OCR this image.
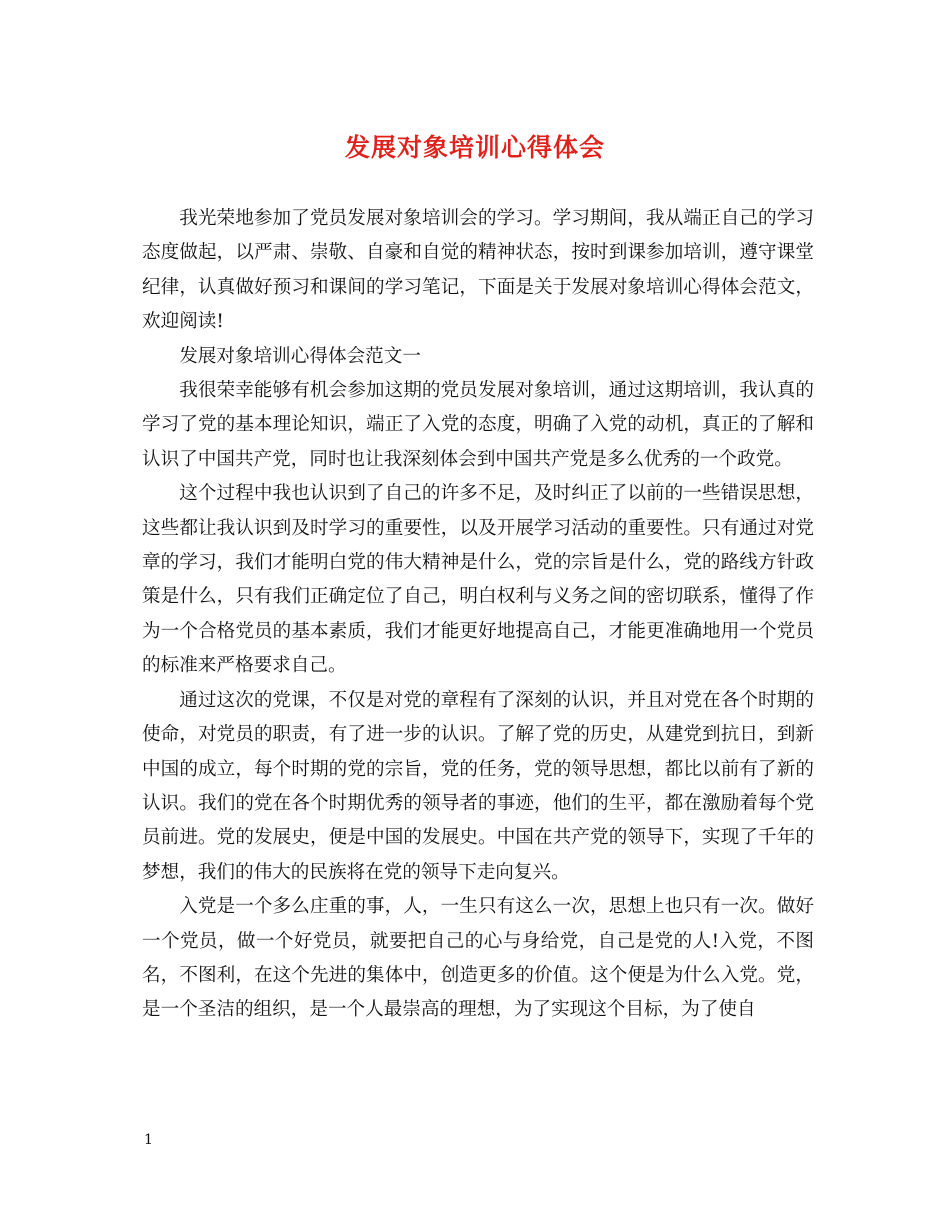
发展对象培训心得体会

我光荣地参加了党员发展对象培训会的学习。学习期间，我从端正自己的学习态度做起，以严肃、崇敬、自豪和自觉的精神状态，按时到课参加培训，遵守课堂纪律，认真做好预习和课间的学习笔记，下面是关于发展对象培训心得体会范文，欢迎阅读!

发展对象培训心得体会范文一

我很荣幸能够有机会参加这期的党员发展对象培训，通过这期培训，我认真的学习了党的基本理论知识，端正了入党的态度，明确了入党的动机，真正的了解和认识了中国共产党，同时也让我深刻体会到中国共产党是多么优秀的一个政党。

这个过程中我也认识到了自己的许多不足，及时纠正了以前的一些错误思想，这些都让我认识到及时学习的重要性，以及开展学习活动的重要性。只有通过对党章的学习，我们才能明白党的伟大精神是什么，党的宗旨是什么，党的路线方针政策是什么，只有我们正确定位了自己，明白权利与义务之间的密切联系，懂得了作为一个合格党员的基本素质，我们才能更好地提高自己，才能更准确地用一个党员的标准来严格要求自己。

通过这次的党课，不仅是对党的章程有了深刻的认识，并且对党在各个时期的使命，对党员的职责，有了进一步的认识。了解了党的历史，从建党到抗日，到新中国的成立，每个时期的党的宗旨，党的任务，党的领导思想，都比以前有了新的认识。我们的党在各个时期优秀的领导者的事迹，他们的生平，都在激励着每个党员前进。党的发展史，便是中国的发展史。中国在共产党的领导下，实现了千年的梦想，我们的伟大的民族将在党的领导下走向复兴。

入党是一个多么庄重的事，人，一生只有这么一次，思想上也只有一次。做好一个党员，做一个好党员，就要把自己的心与身给党，自己是党的人!入党，不图名，不图利，在这个先进的集体中，创造更多的价值。这个便是为什么入党。党，是一个圣洁的组织，是一个人最崇高的理想，为了实现这个目标，为了使自

1
